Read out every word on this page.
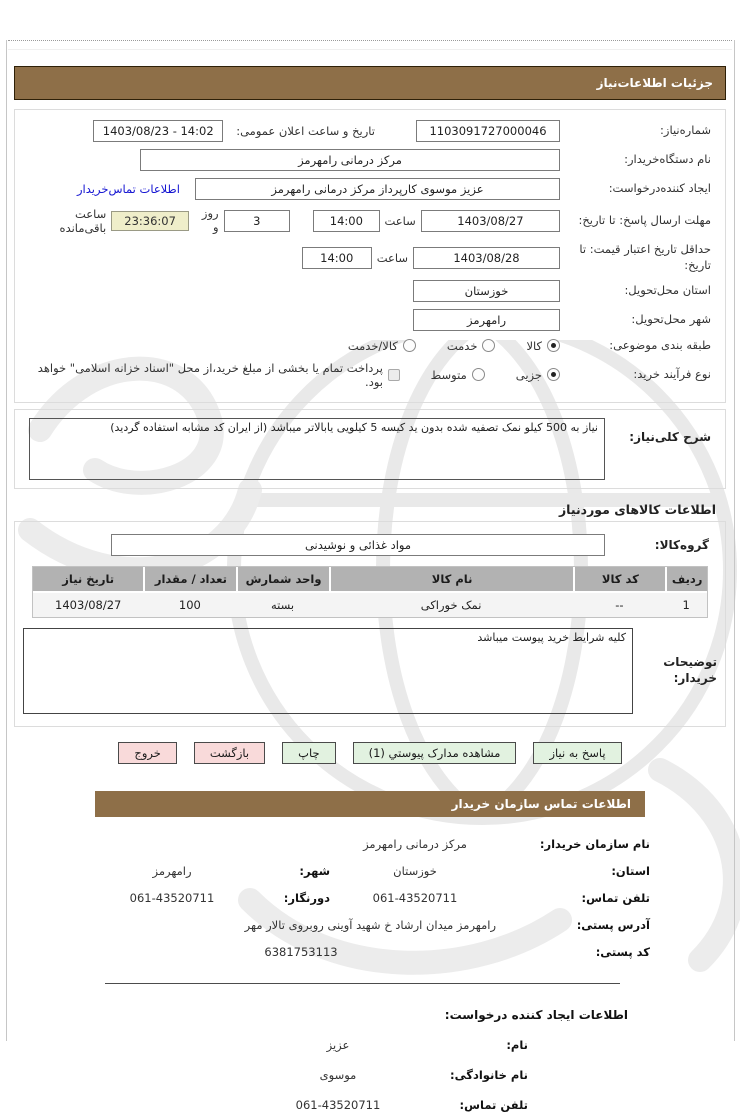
جزئیات اطلاعات‌نیاز
شماره‌نیاز:
1103091727000046
تاریخ و ساعت اعلان عمومی:
1403/08/23 - 14:02
نام دستگاه‌خریدار:
مرکز درمانی رامهرمز
ایجاد کننده‌درخواست:
عزیز موسوی کارپرداز مرکز درمانی رامهرمز
اطلاعات تماس‌خریدار
مهلت ارسال پاسخ: تا تاریخ:
1403/08/27
ساعت
14:00
3
روز و
23:36:07
ساعت باقی‌مانده
حداقل تاریخ اعتبار قیمت: تا تاریخ:
1403/08/28
ساعت
14:00
استان محل‌تحویل:
خوزستان
شهر محل‌تحویل:
رامهرمز
طبقه بندی موضوعی:
کالا
خدمت
کالا/خدمت
نوع فرآیند خرید:
جزیی
متوسط
پرداخت تمام یا بخشی از مبلغ خرید،از محل "اسناد خزانه اسلامی" خواهد بود.
شرح کلی‌نیاز:
نیاز به 500 کیلو نمک تصفیه شده بدون ید کیسه 5 کیلویی یابالاتر میباشد (از ایران کد مشابه استفاده گردید)
اطلاعات کالاهای موردنیاز
گروه‌کالا:
مواد غذائی و نوشیدنی
ردیف	کد کالا	نام کالا	واحد شمارش	تعداد / مقدار	تاریخ نیاز
1	--	نمک خوراکی	بسته	100	1403/08/27
توضیحات خریدار:
کلیه شرایط خرید پیوست میباشد
پاسخ به نیاز
مشاهده مدارک پیوستي (1)
چاپ
بازگشت
خروج
اطلاعات تماس سازمان خریدار
نام سازمان خریدار:
مرکز درمانی رامهرمز
استان:
خوزستان
شهر:
رامهرمز
تلفن تماس:
061-43520711
دورنگار:
061-43520711
آدرس پستی:
رامهرمز میدان ارشاد خ شهید آوینی روبروی تالار مهر
کد پستی:
6381753113
اطلاعات ایجاد کننده درخواست:
نام:
عزیز
نام خانوادگی:
موسوی
تلفن تماس:
061-43520711
